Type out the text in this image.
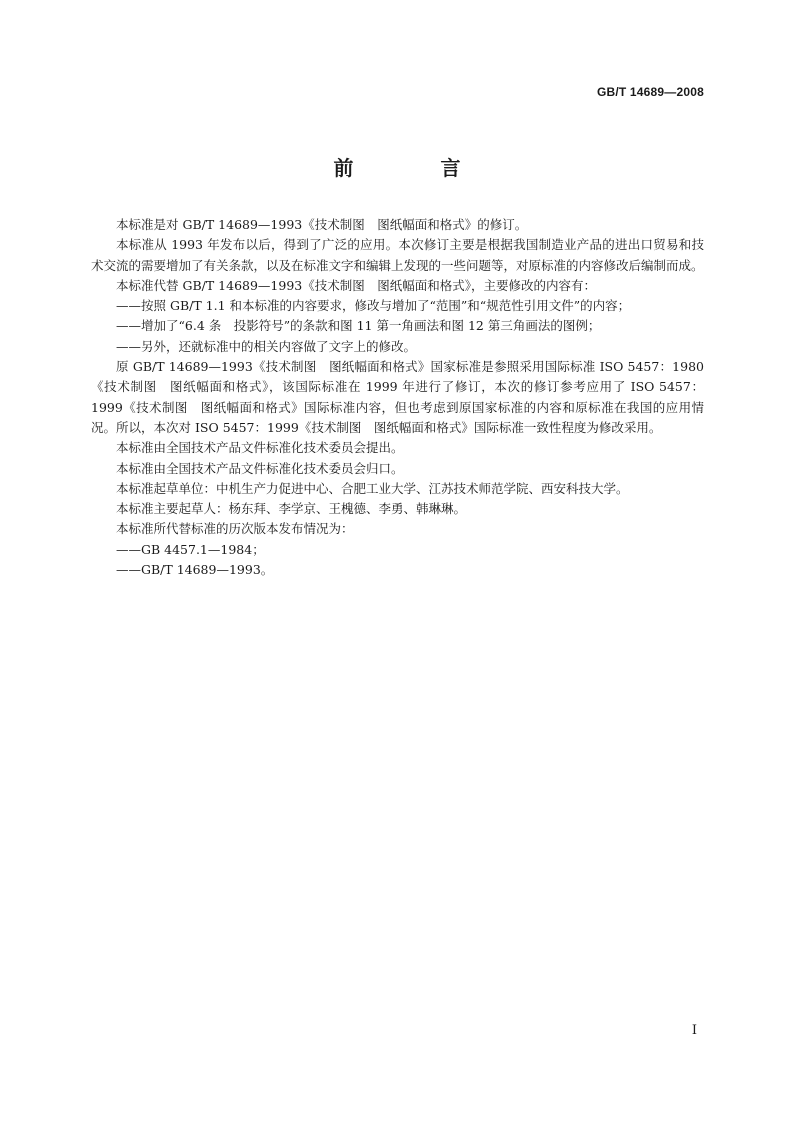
GB/T 14689—2008
前 言

本标准是对 GB/T 14689—1993《技术制图　图纸幅面和格式》的修订。

本标准从 1993 年发布以后，得到了广泛的应用。本次修订主要是根据我国制造业产品的进出口贸易和技术交流的需要增加了有关条款，以及在标准文字和编辑上发现的一些问题等，对原标准的内容修改后编制而成。

本标准代替 GB/T 14689—1993《技术制图　图纸幅面和格式》，主要修改的内容有：

——按照 GB/T 1.1 和本标准的内容要求，修改与增加了“范围”和“规范性引用文件”的内容；

——增加了“6.4 条　投影符号”的条款和图 11 第一角画法和图 12 第三角画法的图例；

——另外，还就标准中的相关内容做了文字上的修改。

原 GB/T 14689—1993《技术制图　图纸幅面和格式》国家标准是参照采用国际标准 ISO 5457：1980《技术制图　图纸幅面和格式》，该国际标准在 1999 年进行了修订，本次的修订参考应用了 ISO 5457：1999《技术制图　图纸幅面和格式》国际标准内容，但也考虑到原国家标准的内容和原标准在我国的应用情况。所以，本次对 ISO 5457：1999《技术制图　图纸幅面和格式》国际标准一致性程度为修改采用。

本标准由全国技术产品文件标准化技术委员会提出。

本标准由全国技术产品文件标准化技术委员会归口。

本标准起草单位：中机生产力促进中心、合肥工业大学、江苏技术师范学院、西安科技大学。

本标准主要起草人：杨东拜、李学京、王槐德、李勇、韩琳琳。

本标准所代替标准的历次版本发布情况为：

——GB 4457.1—1984；

——GB/T 14689—1993。

I
